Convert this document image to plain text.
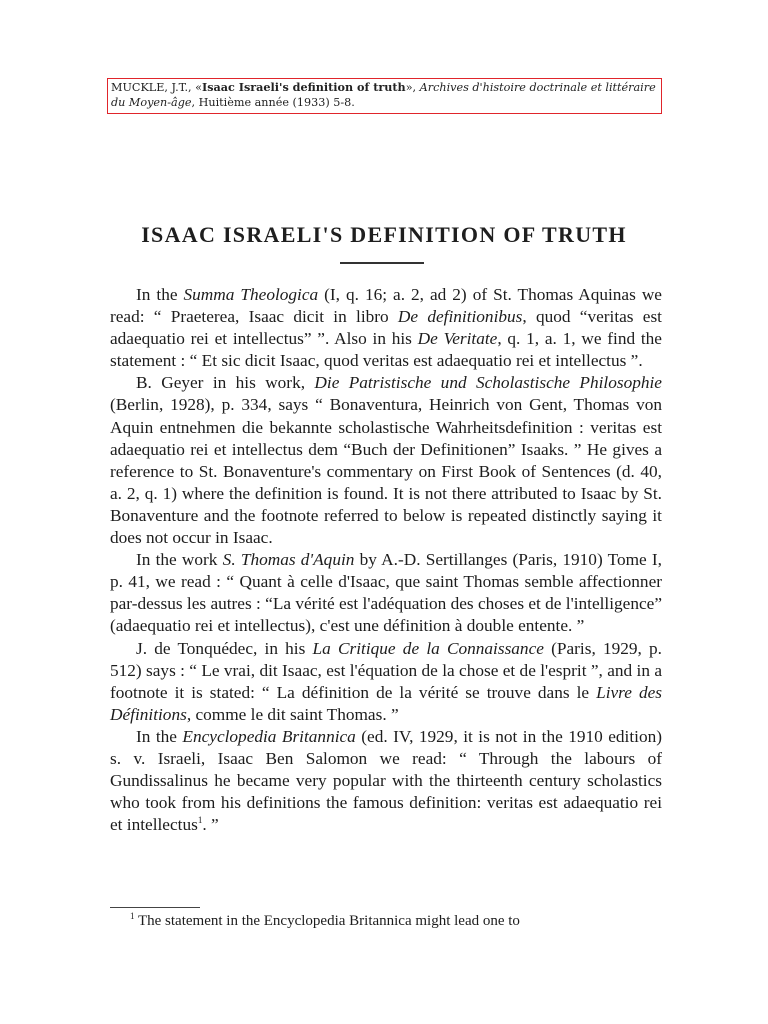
MUCKLE, J.T., «Isaac Israeli's definition of truth», Archives d'histoire doctrinale et littéraire du Moyen-âge, Huitième année (1933) 5-8.
ISAAC ISRAELI'S DEFINITION OF TRUTH

In the Summa Theologica (I, q. 16; a. 2, ad 2) of St. Thomas Aquinas we read: “ Praeterea, Isaac dicit in libro De definitionibus, quod “veritas est adaequatio rei et intellectus” ”. Also in his De Veritate, q. 1, a. 1, we find the statement : “ Et sic dicit Isaac, quod veritas est adaequatio rei et intellectus ”.

B. Geyer in his work, Die Patristische und Scholastische Philosophie (Berlin, 1928), p. 334, says “ Bonaventura, Heinrich von Gent, Thomas von Aquin entnehmen die bekannte scholastische Wahrheitsdefinition : veritas est adaequatio rei et intellectus dem “Buch der Definitionen” Isaaks. ” He gives a reference to St. Bonaventure's commentary on First Book of Sentences (d. 40, a. 2, q. 1) where the definition is found. It is not there attributed to Isaac by St. Bonaventure and the footnote referred to below is repeated distinctly saying it does not occur in Isaac.

In the work S. Thomas d'Aquin by A.-D. Sertillanges (Paris, 1910) Tome I, p. 41, we read : “ Quant à celle d'Isaac, que saint Thomas semble affectionner par-dessus les autres : “La vérité est l'adéquation des choses et de l'intelligence” (adaequatio rei et intellectus), c'est une définition à double entente. ”

J. de Tonquédec, in his La Critique de la Connaissance (Paris, 1929, p. 512) says : “ Le vrai, dit Isaac, est l'équation de la chose et de l'esprit ”, and in a footnote it is stated: “ La définition de la vérité se trouve dans le Livre des Définitions, comme le dit saint Thomas. ”

In the Encyclopedia Britannica (ed. IV, 1929, it is not in the 1910 edition) s. v. Israeli, Isaac Ben Salomon we read: “ Through the labours of Gundissalinus he became very popular with the thirteenth century scholastics who took from his definitions the famous definition: veritas est adaequatio rei et intellectus$^1$. ”

$^1$ The statement in the Encyclopedia Britannica might lead one to
